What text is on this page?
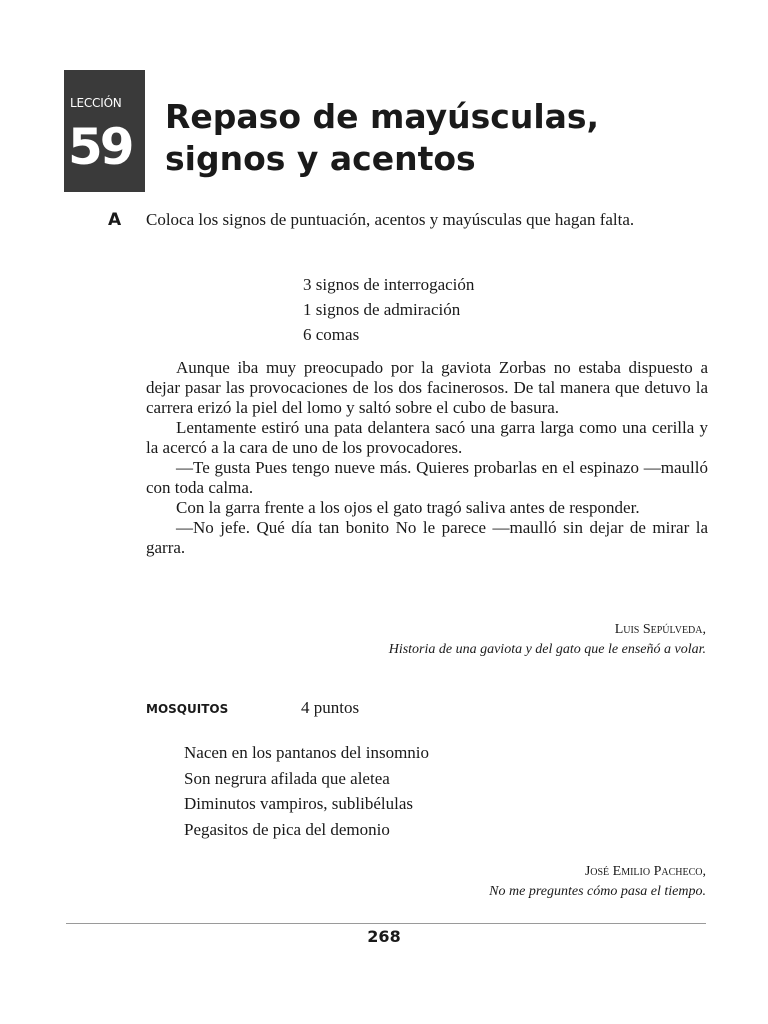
LECCIÓN
59
Repaso de mayúsculas,
signos y acentos
A Coloca los signos de puntuación, acentos y mayúsculas que hagan falta.
3 signos de interrogación
1 signos de admiración
6 comas

Aunque iba muy preocupado por la gaviota Zorbas no estaba dispuesto a dejar pasar las provocaciones de los dos facinerosos. De tal manera que detuvo la carrera erizó la piel del lomo y saltó sobre el cubo de basura.

Lentamente estiró una pata delantera sacó una garra larga como una cerilla y la acercó a la cara de uno de los provocadores.

—Te gusta Pues tengo nueve más. Quieres probarlas en el espinazo —maulló con toda calma.

Con la garra frente a los ojos el gato tragó saliva antes de responder.

—No jefe. Qué día tan bonito No le parece —maulló sin dejar de mirar la garra.

Luis Sepúlveda,
Historia de una gaviota y del gato que le enseñó a volar.
MOSQUITOS	4 puntos
Nacen en los pantanos del insomnio
Son negrura afilada que aletea
Diminutos vampiros, sublibélulas
Pegasitos de pica del demonio
José Emilio Pacheco,
No me preguntes cómo pasa el tiempo.
268
